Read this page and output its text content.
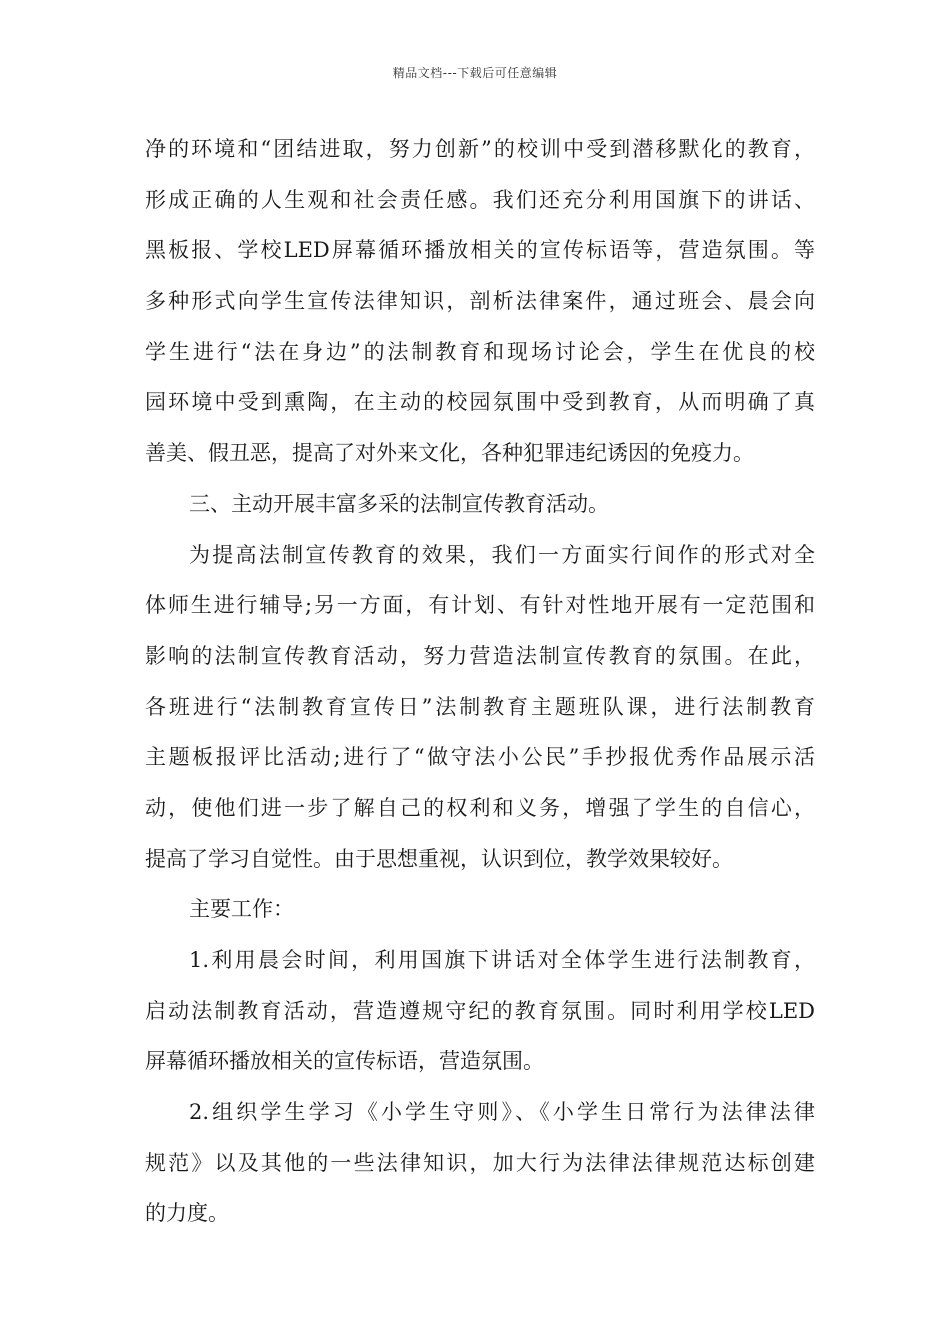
精品文档---下载后可任意编辑
净的环境和“团结进取，努力创新”的校训中受到潜移默化的教育，
形成正确的人生观和社会责任感。我们还充分利用国旗下的讲话、
黑板报、学校LED屏幕循环播放相关的宣传标语等，营造氛围。等
多种形式向学生宣传法律知识，剖析法律案件，通过班会、晨会向
学生进行“法在身边”的法制教育和现场讨论会，学生在优良的校
园环境中受到熏陶，在主动的校园氛围中受到教育，从而明确了真
善美、假丑恶，提高了对外来文化，各种犯罪违纪诱因的免疫力。
三、主动开展丰富多采的法制宣传教育活动。
为提高法制宣传教育的效果，我们一方面实行间作的形式对全
体师生进行辅导;另一方面，有计划、有针对性地开展有一定范围和
影响的法制宣传教育活动，努力营造法制宣传教育的氛围。在此，
各班进行“法制教育宣传日”法制教育主题班队课，进行法制教育
主题板报评比活动;进行了“做守法小公民”手抄报优秀作品展示活
动，使他们进一步了解自己的权利和义务，增强了学生的自信心，
提高了学习自觉性。由于思想重视，认识到位，教学效果较好。
主要工作：
1.利用晨会时间，利用国旗下讲话对全体学生进行法制教育，
启动法制教育活动，营造遵规守纪的教育氛围。同时利用学校LED
屏幕循环播放相关的宣传标语，营造氛围。
2.组织学生学习《小学生守则》、《小学生日常行为法律法律
规范》以及其他的一些法律知识，加大行为法律法律规范达标创建
的力度。
